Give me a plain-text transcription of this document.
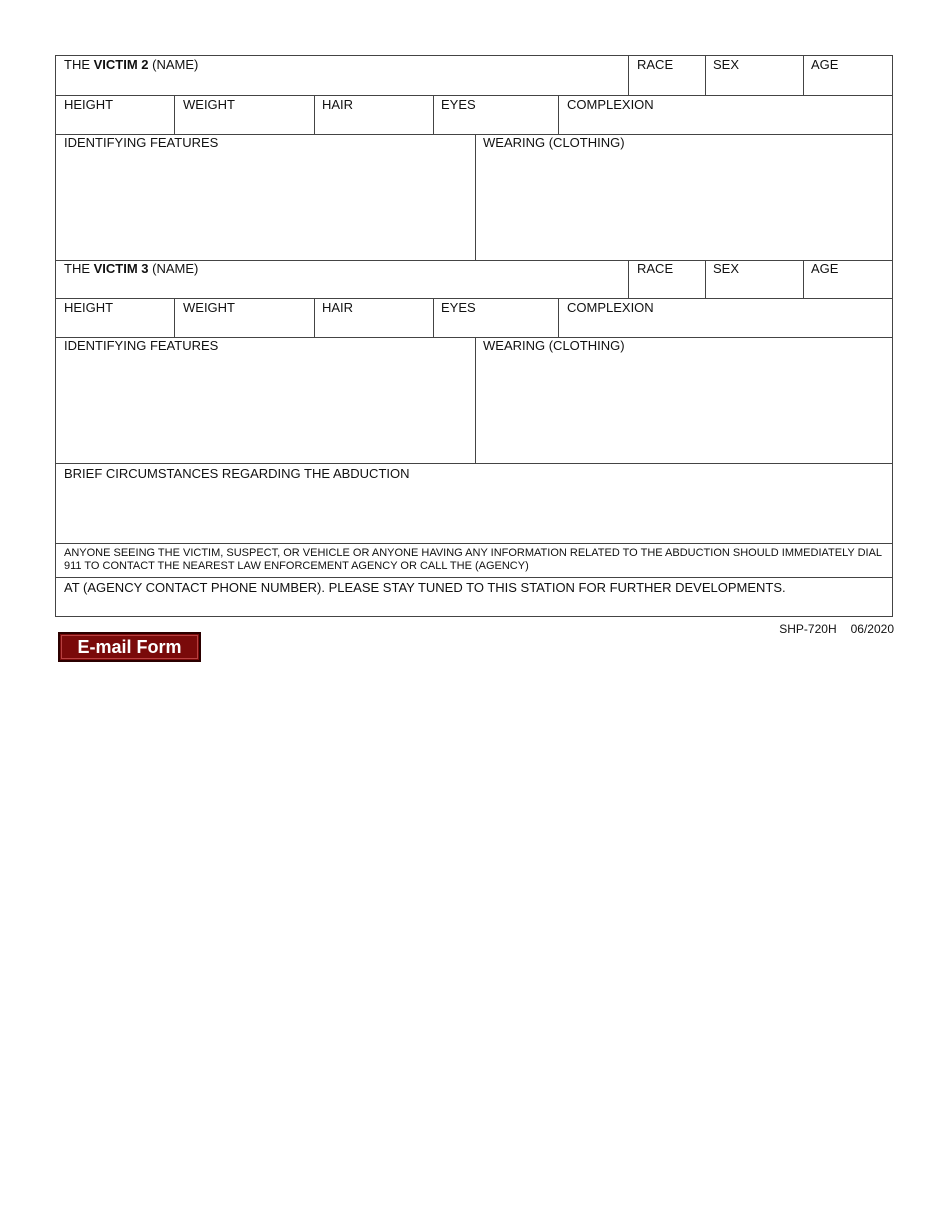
THE VICTIM 2 (NAME)	RACE	SEX	AGE
HEIGHT	WEIGHT	HAIR	EYES	COMPLEXION
IDENTIFYING FEATURES	WEARING (CLOTHING)
THE VICTIM 3 (NAME)	RACE	SEX	AGE
HEIGHT	WEIGHT	HAIR	EYES	COMPLEXION
IDENTIFYING FEATURES	WEARING (CLOTHING)
BRIEF CIRCUMSTANCES REGARDING THE ABDUCTION
ANYONE SEEING THE VICTIM, SUSPECT, OR VEHICLE OR ANYONE HAVING ANY INFORMATION RELATED TO THE ABDUCTION SHOULD IMMEDIATELY DIAL 911 TO CONTACT THE NEAREST LAW ENFORCEMENT AGENCY OR CALL THE (AGENCY)
AT (AGENCY CONTACT PHONE NUMBER). PLEASE STAY TUNED TO THIS STATION FOR FURTHER DEVELOPMENTS.
SHP-720H 06/2020
E-mail Form
